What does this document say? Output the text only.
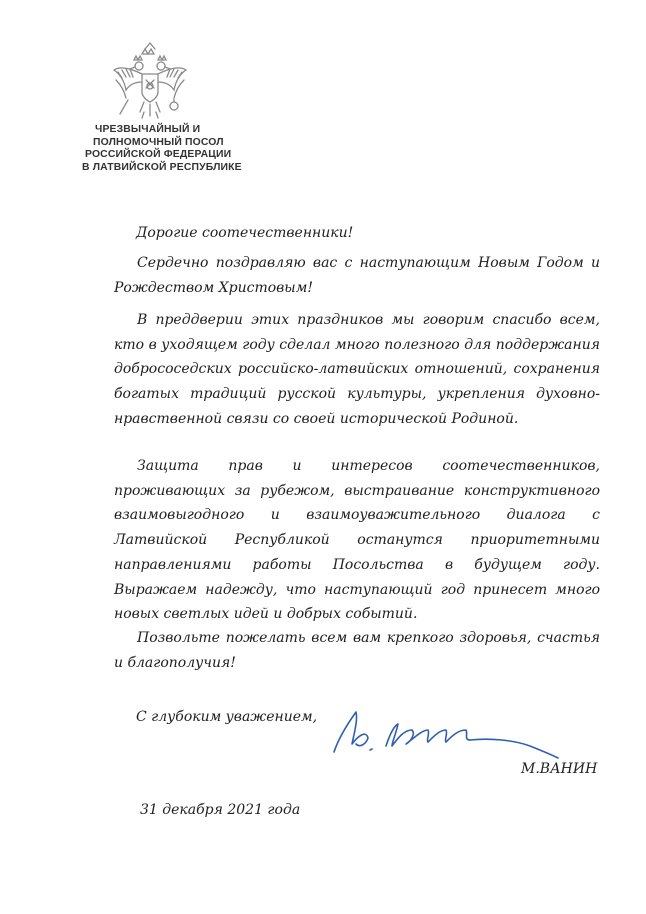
ЧРЕЗВЫЧАЙНЫЙ И
ПОЛНОМОЧНЫЙ ПОСОЛ
РОССИЙСКОЙ ФЕДЕРАЦИИ
В ЛАТВИЙСКОЙ РЕСПУБЛИКЕ

Дорогие соотечественники!

Сердечно поздравляю вас с наступающим Новым Годом и Рождеством Христовым!

В преддверии этих праздников мы говорим спасибо всем, кто в уходящем году сделал много полезного для поддержания добрососедских российско-латвийских отношений, сохранения богатых традиций русской культуры, укрепления духовно-нравственной связи со своей исторической Родиной.

Защита прав и интересов соотечественников, проживающих за рубежом, выстраивание конструктивного взаимовыгодного и взаимоуважительного диалога с Латвийской Республикой останутся приоритетными направлениями работы Посольства в будущем году. Выражаем надежду, что наступающий год принесет много новых светлых идей и добрых событий.

Позвольте пожелать всем вам крепкого здоровья, счастья и благополучия!

С глубоким уважением,

М.ВАНИН

31 декабря 2021 года
